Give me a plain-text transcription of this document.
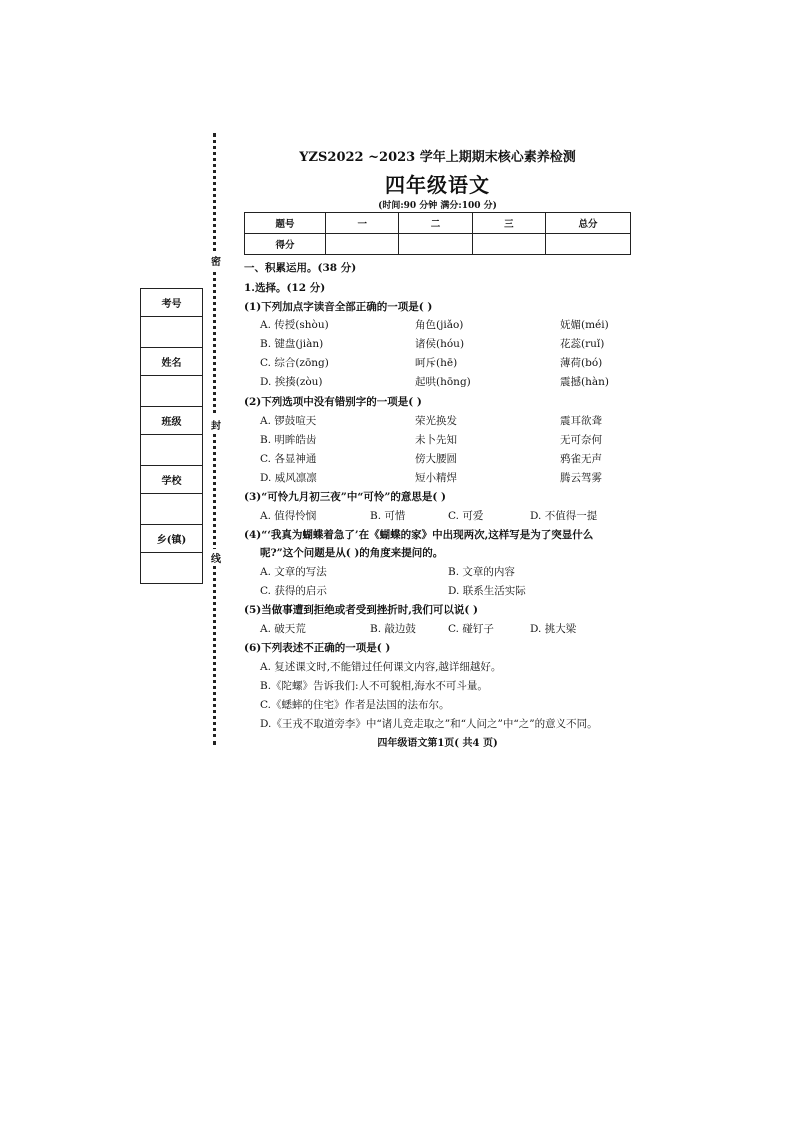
密
封
线
考号
姓名
班级
学校
乡(镇)
YZS2022 ~2023 学年上期期末核心素养检测
四年级语文
(时间:90 分钟 满分:100 分)
题号	一	二	三	总分
得分				
一、积累运用。(38 分)
1.选择。(12 分)
(1)下列加点字读音全部正确的一项是( )
A. 传授(shòu)	角色(jiǎo)	妩媚(méi)
B. 键盘(jiàn)	诸侯(hóu)	花蕊(ruǐ)
C. 综合(zōng)	呵斥(hē)	薄荷(bó)
D. 挨揍(zòu)	起哄(hōng)	震撼(hàn)
(2)下列选项中没有错别字的一项是( )
A. 锣鼓喧天	荣光换发	震耳欲聋
B. 明眸皓齿	未卜先知	无可奈何
C. 各显神通	傍大腰圆	鸦雀无声
D. 威风凛凛	短小精焊	腾云驾雾
(3)“可怜九月初三夜”中“可怜”的意思是( )
A. 值得怜悯	B. 可惜	C. 可爱	D. 不值得一提
(4)“‘我真为蝴蝶着急了’在《蝴蝶的家》中出现两次,这样写是为了突显什么
呢?”这个问题是从( )的角度来提问的。
A. 文章的写法	B. 文章的内容
C. 获得的启示	D. 联系生活实际
(5)当做事遭到拒绝或者受到挫折时,我们可以说( )
A. 破天荒	B. 敲边鼓	C. 碰钉子	D. 挑大梁
(6)下列表述不正确的一项是( )
A. 复述课文时,不能错过任何课文内容,越详细越好。
B.《陀螺》告诉我们:人不可貌相,海水不可斗量。
C.《蟋蟀的住宅》作者是法国的法布尔。
D.《王戎不取道旁李》中“诸儿竞走取之”和“人问之”中“之”的意义不同。
四年级语文第1页( 共4 页)
